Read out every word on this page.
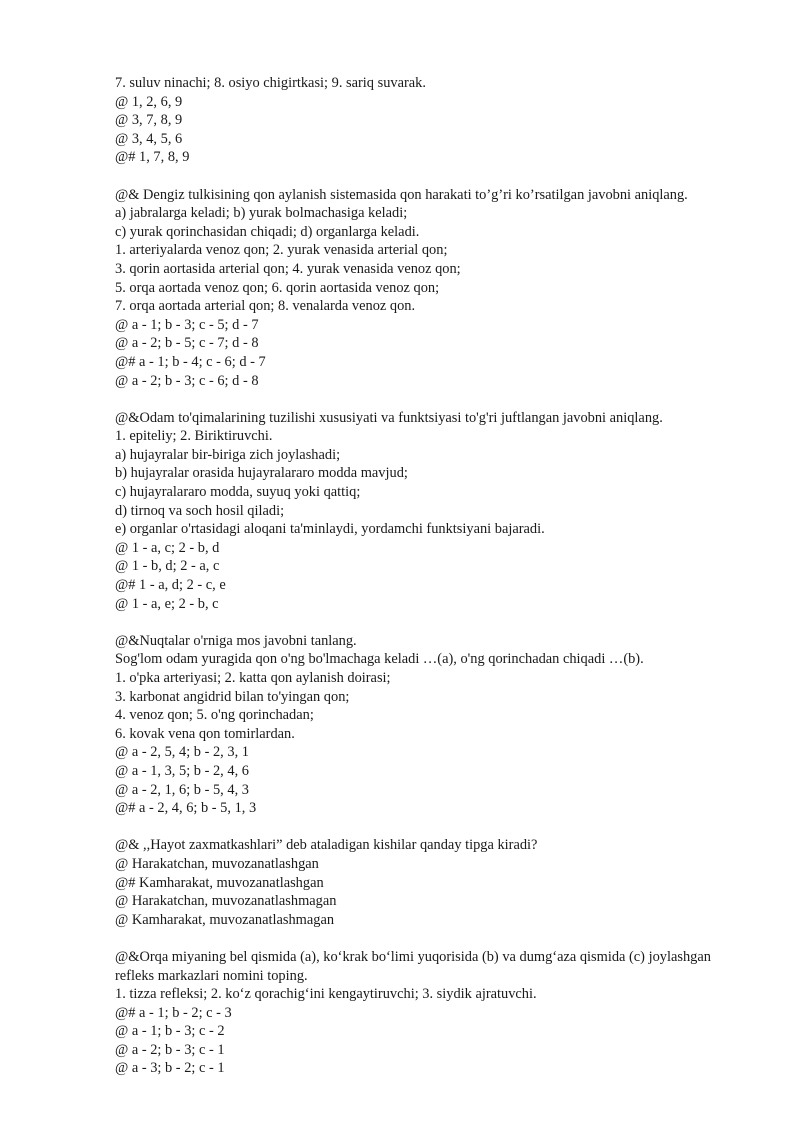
7. suluv ninachi; 8. osiyo chigirtkasi; 9. sariq suvarak.
@ 1, 2, 6, 9
@ 3, 7, 8, 9
@ 3, 4, 5, 6
@# 1, 7, 8, 9
@& Dengiz tulkisining qon aylanish sistemasida qon harakati to’g’ri ko’rsatilgan javobni aniqlang.
a) jabralarga keladi; b) yurak bolmachasiga keladi;
c) yurak qorinchasidan chiqadi; d) organlarga keladi.
1. arteriyalarda venoz qon; 2. yurak venasida arterial qon;
3. qorin aortasida arterial qon; 4. yurak venasida venoz qon;
5. orqa aortada venoz qon; 6. qorin aortasida venoz qon;
7. orqa aortada arterial qon; 8. venalarda venoz qon.
@ a - 1; b - 3; c - 5; d - 7
@ a - 2; b - 5; c - 7; d - 8
@# a - 1; b - 4; c - 6; d - 7
@ a - 2; b - 3; c - 6; d - 8
@&Odam to'qimalarining tuzilishi xususiyati va funktsiyasi to'g'ri juftlangan javobni aniqlang.
1. epiteliy; 2. Biriktiruvchi.
a) hujayralar bir-biriga zich joylashadi;
b) hujayralar orasida hujayralararo modda mavjud;
c) hujayralararo modda, suyuq yoki qattiq;
d) tirnoq va soch hosil qiladi;
e) organlar o'rtasidagi aloqani ta'minlaydi, yordamchi funktsiyani bajaradi.
@ 1 - a, c; 2 - b, d
@ 1 - b, d; 2 - a, c
@# 1 - a, d; 2 - c, e
@ 1 - a, e; 2 - b, c
@&Nuqtalar o'rniga mos javobni tanlang.
Sog'lom odam yuragida qon o'ng bo'lmachaga keladi …(a), o'ng qorinchadan chiqadi …(b).
1. o'pka arteriyasi; 2. katta qon aylanish doirasi;
3. karbonat angidrid bilan to'yingan qon;
4. venoz qon; 5. o'ng qorinchadan;
6. kovak vena qon tomirlardan.
@ a - 2, 5, 4; b - 2, 3, 1
@ a - 1, 3, 5; b - 2, 4, 6
@ a - 2, 1, 6; b - 5, 4, 3
@# a - 2, 4, 6; b - 5, 1, 3
@& ,,Hayot zaxmatkashlari” deb ataladigan kishilar qanday tipga kiradi?
@ Harakatchan, muvozanatlashgan
@# Kamharakat, muvozanatlashgan
@ Harakatchan, muvozanatlashmagan
@ Kamharakat, muvozanatlashmagan
@&Orqa miyaning bel qismida (a), ko‘krak bo‘limi yuqorisida (b) va dumg‘aza qismida (c) joylashgan
refleks markazlari nomini toping.
1. tizza refleksi; 2. ko‘z qorachig‘ini kengaytiruvchi; 3. siydik ajratuvchi.
@# a - 1; b - 2; c - 3
@ a - 1; b - 3; c - 2
@ a - 2; b - 3; c - 1
@ a - 3; b - 2; c - 1
